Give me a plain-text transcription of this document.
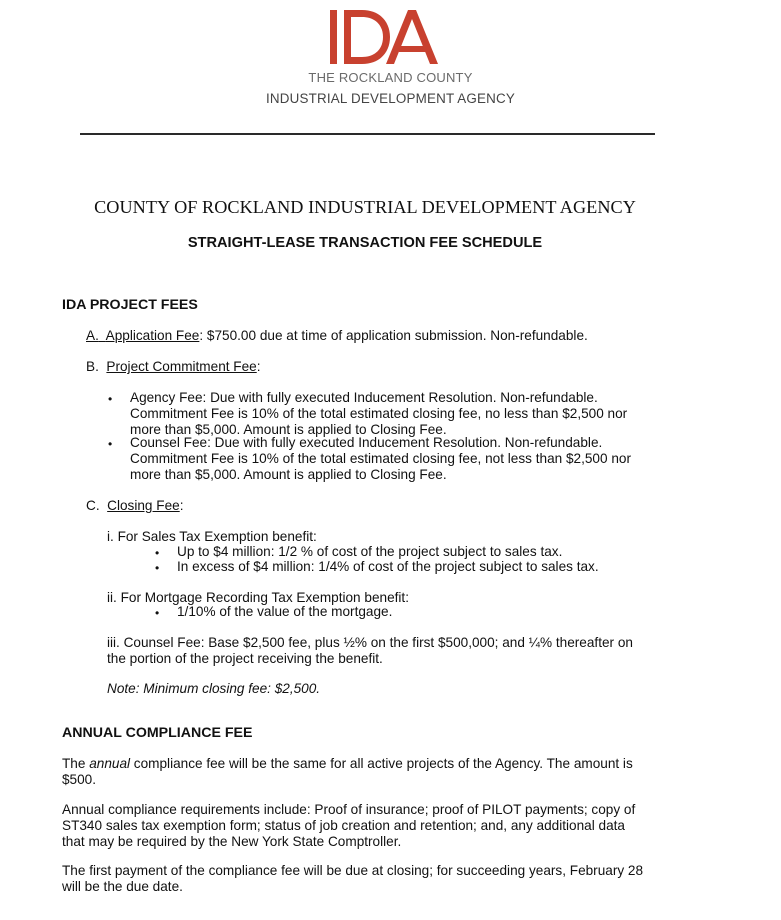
THE ROCKLAND COUNTY
INDUSTRIAL DEVELOPMENT AGENCY
COUNTY OF ROCKLAND INDUSTRIAL DEVELOPMENT AGENCY
STRAIGHT-LEASE TRANSACTION FEE SCHEDULE
IDA PROJECT FEES
A. Application Fee: $750.00 due at time of application submission. Non-refundable.
B. Project Commitment Fee:
• Agency Fee: Due with fully executed Inducement Resolution. Non-refundable.
Commitment Fee is 10% of the total estimated closing fee, no less than $2,500 nor
more than $5,000. Amount is applied to Closing Fee.
• Counsel Fee: Due with fully executed Inducement Resolution. Non-refundable.
Commitment Fee is 10% of the total estimated closing fee, not less than $2,500 nor
more than $5,000. Amount is applied to Closing Fee.
C. Closing Fee:
i. For Sales Tax Exemption benefit:
• Up to $4 million: 1/2 % of cost of the project subject to sales tax.
• In excess of $4 million: 1/4% of cost of the project subject to sales tax.
ii. For Mortgage Recording Tax Exemption benefit:
• 1/10% of the value of the mortgage.
iii. Counsel Fee: Base $2,500 fee, plus ½% on the first $500,000; and ¼% thereafter on
the portion of the project receiving the benefit.
Note: Minimum closing fee: $2,500.
ANNUAL COMPLIANCE FEE
The annual compliance fee will be the same for all active projects of the Agency. The amount is
$500.
Annual compliance requirements include: Proof of insurance; proof of PILOT payments; copy of
ST340 sales tax exemption form; status of job creation and retention; and, any additional data
that may be required by the New York State Comptroller.
The first payment of the compliance fee will be due at closing; for succeeding years, February 28
will be the due date.
